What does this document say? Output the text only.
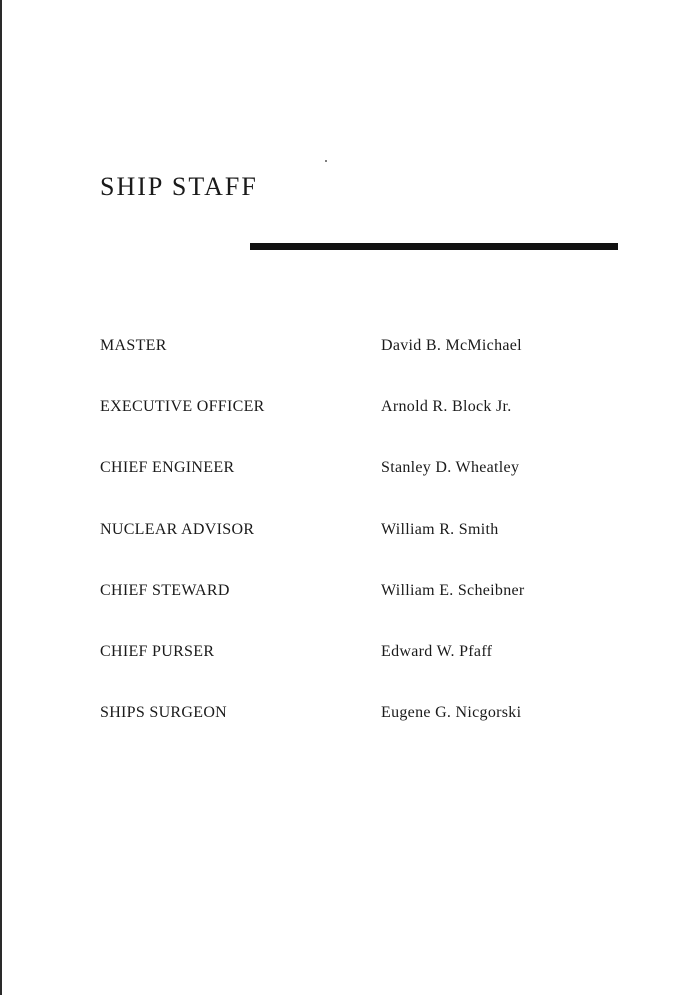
SHIP STAFF
MASTER	David B. McMichael
EXECUTIVE OFFICER	Arnold R. Block Jr.
CHIEF ENGINEER	Stanley D. Wheatley
NUCLEAR ADVISOR	William R. Smith
CHIEF STEWARD	William E. Scheibner
CHIEF PURSER	Edward W. Pfaff
SHIPS SURGEON	Eugene G. Nicgorski
